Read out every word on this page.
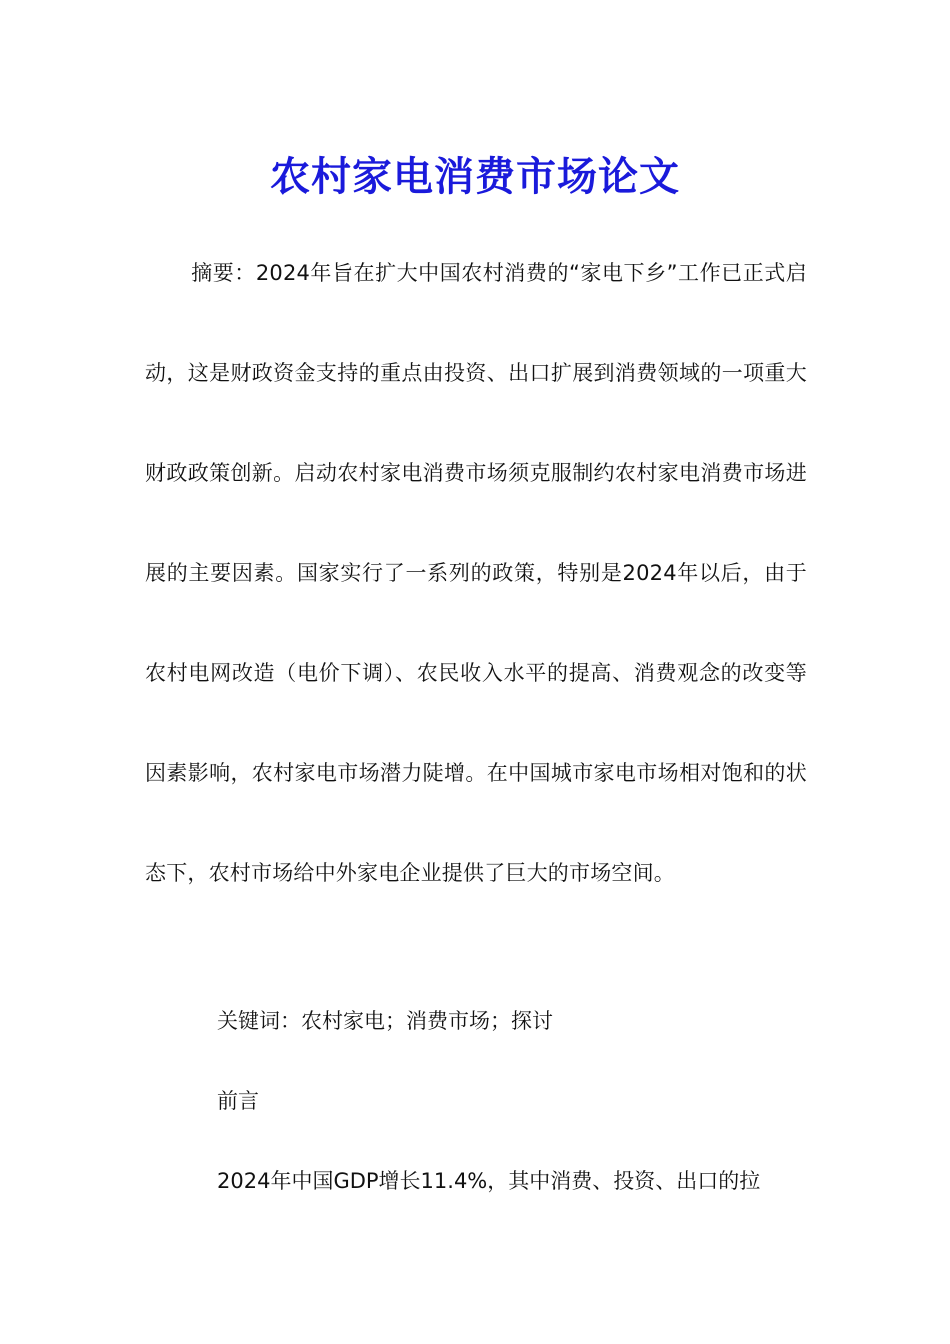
农村家电消费市场论文

摘要：2024年旨在扩大中国农村消费的“家电下乡”工作已正式启动，这是财政资金支持的重点由投资、出口扩展到消费领域的一项重大财政政策创新。启动农村家电消费市场须克服制约农村家电消费市场进展的主要因素。国家实行了一系列的政策，特别是2024年以后，由于农村电网改造（电价下调）、农民收入水平的提高、消费观念的改变等因素影响，农村家电市场潜力陡增。在中国城市家电市场相对饱和的状态下，农村市场给中外家电企业提供了巨大的市场空间。

关键词：农村家电；消费市场；探讨

前言

2024年中国GDP增长11.4%，其中消费、投资、出口的拉
